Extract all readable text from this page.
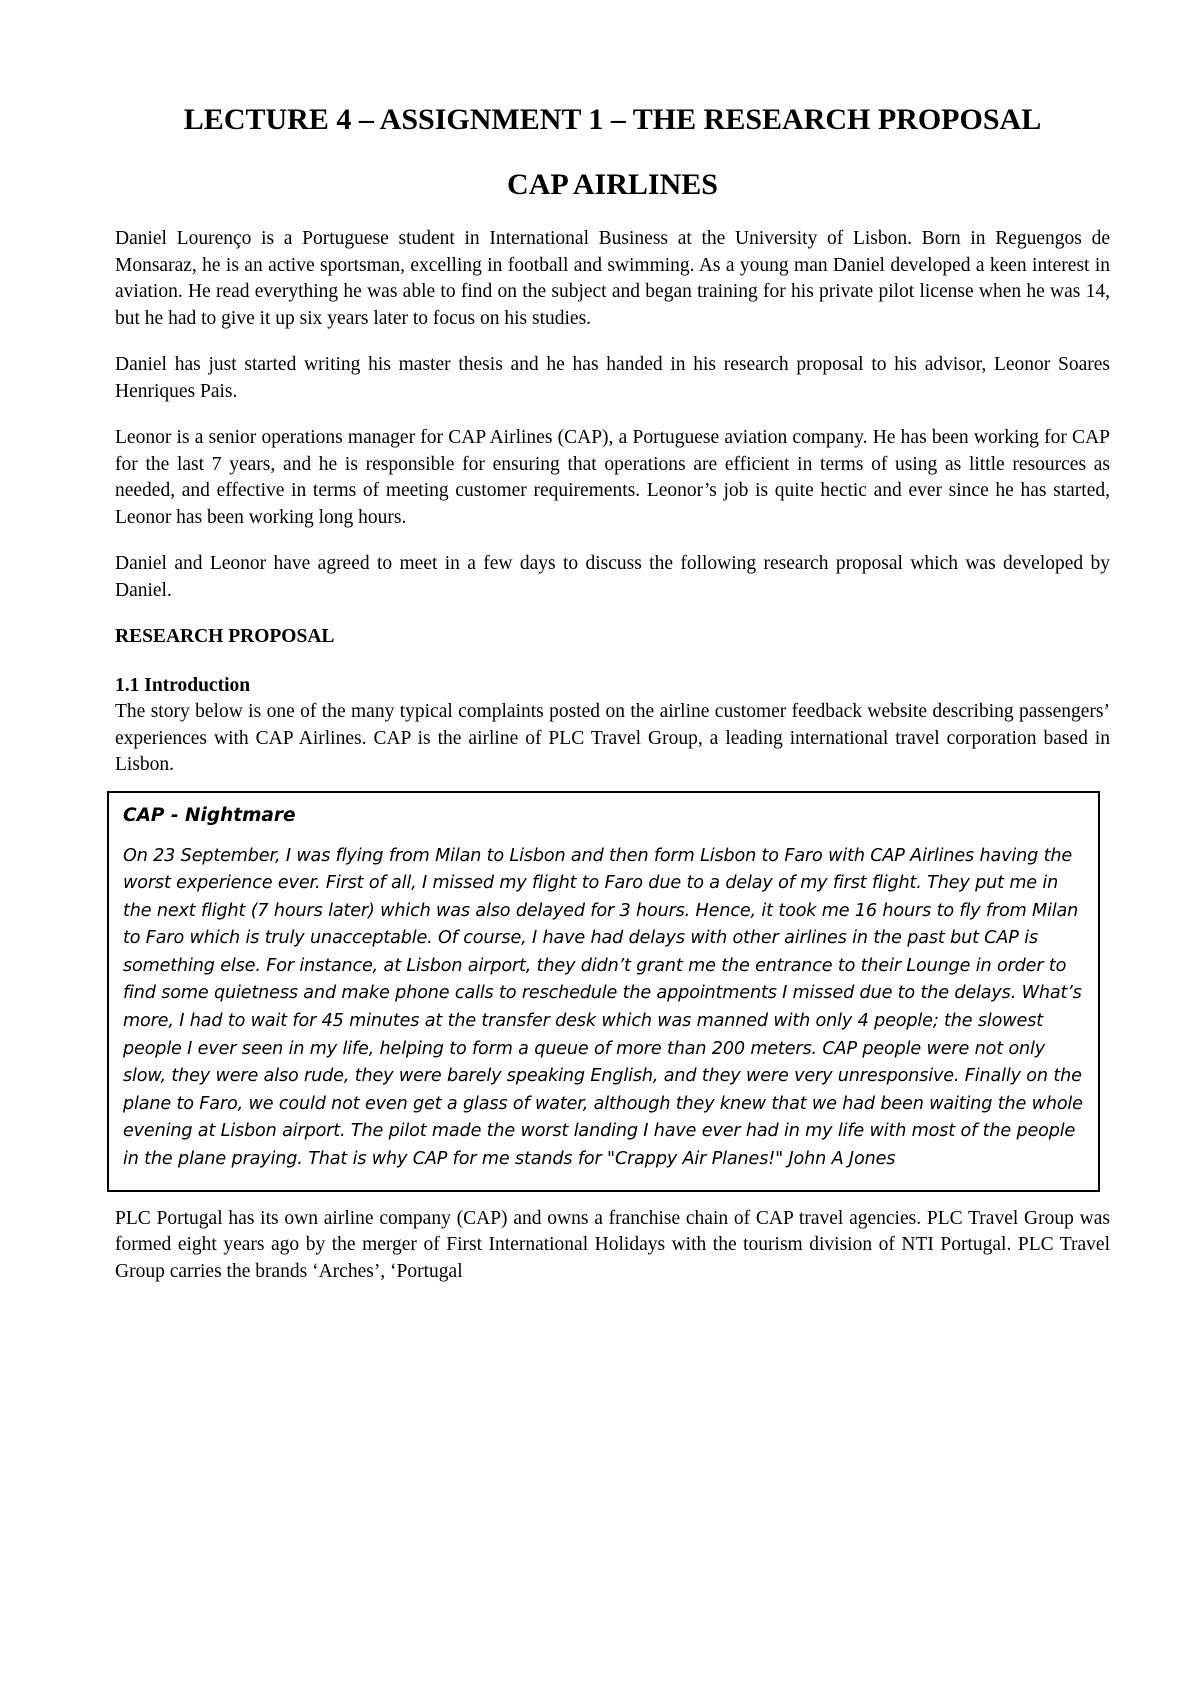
LECTURE 4 – ASSIGNMENT 1 – THE RESEARCH PROPOSAL
CAP AIRLINES

Daniel Lourenço is a Portuguese student in International Business at the University of Lisbon. Born in Reguengos de Monsaraz, he is an active sportsman, excelling in football and swimming. As a young man Daniel developed a keen interest in aviation. He read everything he was able to find on the subject and began training for his private pilot license when he was 14, but he had to give it up six years later to focus on his studies.

Daniel has just started writing his master thesis and he has handed in his research proposal to his advisor, Leonor Soares Henriques Pais.

Leonor is a senior operations manager for CAP Airlines (CAP), a Portuguese aviation company. He has been working for CAP for the last 7 years, and he is responsible for ensuring that operations are efficient in terms of using as little resources as needed, and effective in terms of meeting customer requirements. Leonor’s job is quite hectic and ever since he has started, Leonor has been working long hours.

Daniel and Leonor have agreed to meet in a few days to discuss the following research proposal which was developed by Daniel.

RESEARCH PROPOSAL
1.1 Introduction

The story below is one of the many typical complaints posted on the airline customer feedback website describing passengers’ experiences with CAP Airlines. CAP is the airline of PLC Travel Group, a leading international travel corporation based in Lisbon.

CAP - Nightmare

On 23 September, I was flying from Milan to Lisbon and then form Lisbon to Faro with CAP Airlines having the worst experience ever. First of all, I missed my flight to Faro due to a delay of my first flight. They put me in the next flight (7 hours later) which was also delayed for 3 hours. Hence, it took me 16 hours to fly from Milan to Faro which is truly unacceptable. Of course, I have had delays with other airlines in the past but CAP is something else. For instance, at Lisbon airport, they didn’t grant me the entrance to their Lounge in order to find some quietness and make phone calls to reschedule the appointments I missed due to the delays. What’s more, I had to wait for 45 minutes at the transfer desk which was manned with only 4 people; the slowest people I ever seen in my life, helping to form a queue of more than 200 meters. CAP people were not only slow, they were also rude, they were barely speaking English, and they were very unresponsive. Finally on the plane to Faro, we could not even get a glass of water, although they knew that we had been waiting the whole evening at Lisbon airport. The pilot made the worst landing I have ever had in my life with most of the people in the plane praying. That is why CAP for me stands for "Crappy Air Planes!" John A Jones

PLC Portugal has its own airline company (CAP) and owns a franchise chain of CAP travel agencies. PLC Travel Group was formed eight years ago by the merger of First International Holidays with the tourism division of NTI Portugal. PLC Travel Group carries the brands ‘Arches’, ‘Portugal
